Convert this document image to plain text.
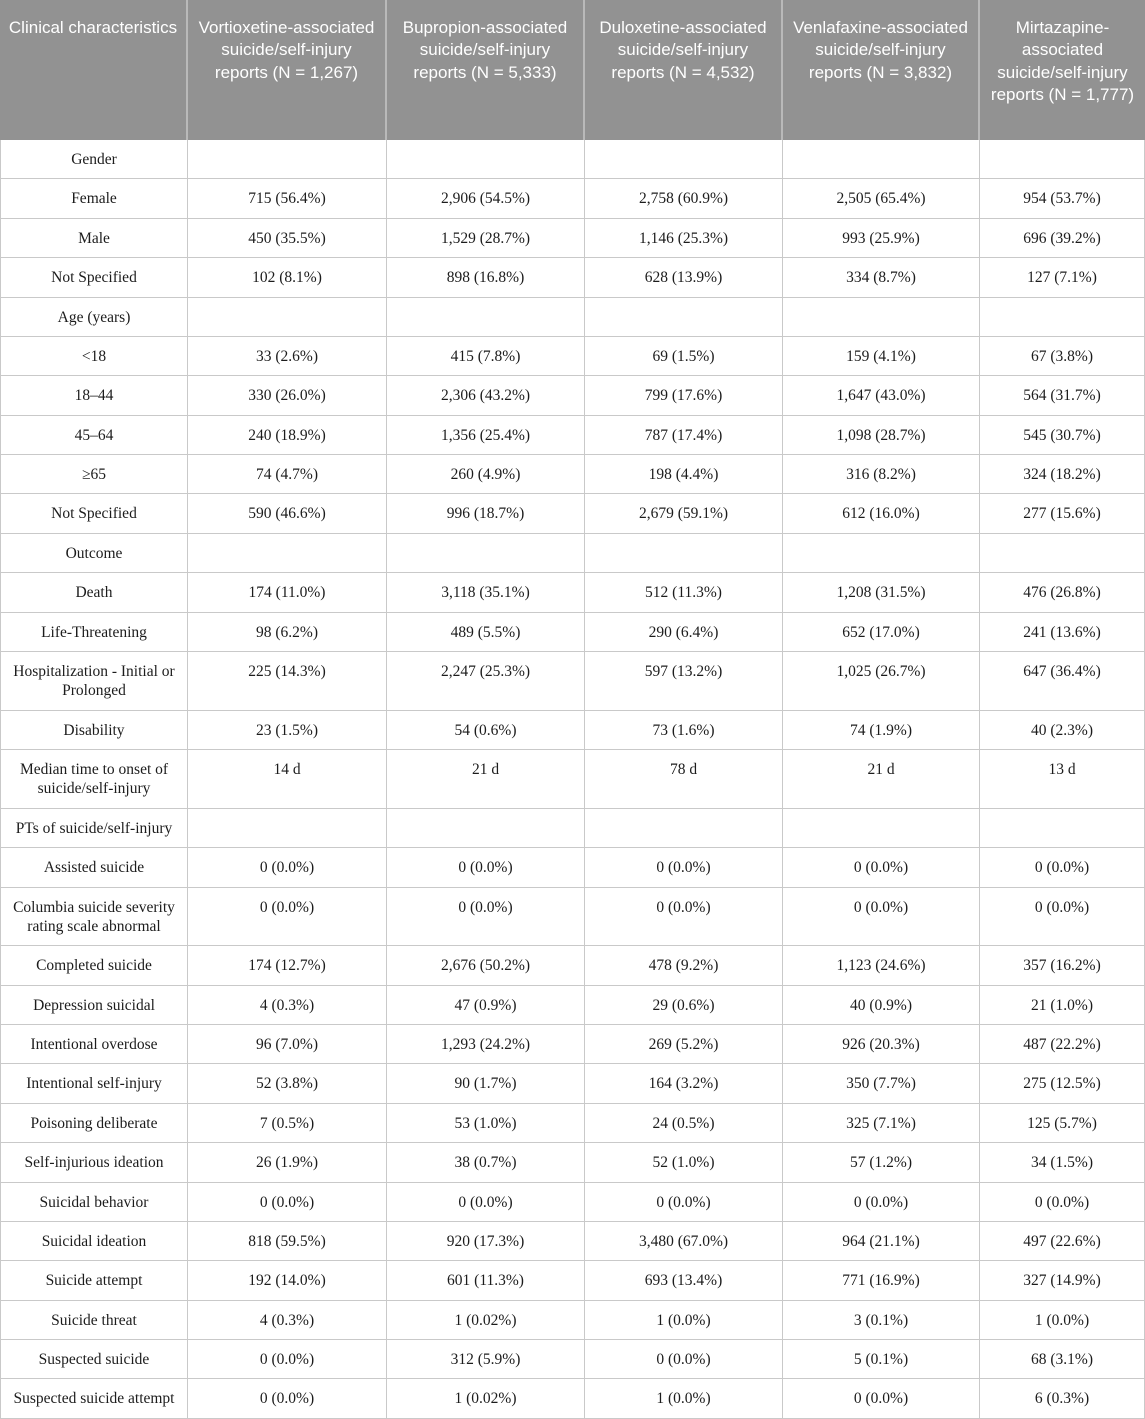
Clinical characteristics	Vortioxetine-associated suicide/self-injury reports (N = 1,267)	Bupropion-associated suicide/self-injury reports (N = 5,333)	Duloxetine-associated suicide/self-injury reports (N = 4,532)	Venlafaxine-associated suicide/self-injury reports (N = 3,832)	Mirtazapine-associated suicide/self-injury reports (N = 1,777)
Gender					
Female	715 (56.4%)	2,906 (54.5%)	2,758 (60.9%)	2,505 (65.4%)	954 (53.7%)
Male	450 (35.5%)	1,529 (28.7%)	1,146 (25.3%)	993 (25.9%)	696 (39.2%)
Not Specified	102 (8.1%)	898 (16.8%)	628 (13.9%)	334 (8.7%)	127 (7.1%)
Age (years)					
<18	33 (2.6%)	415 (7.8%)	69 (1.5%)	159 (4.1%)	67 (3.8%)
18–44	330 (26.0%)	2,306 (43.2%)	799 (17.6%)	1,647 (43.0%)	564 (31.7%)
45–64	240 (18.9%)	1,356 (25.4%)	787 (17.4%)	1,098 (28.7%)	545 (30.7%)
≥65	74 (4.7%)	260 (4.9%)	198 (4.4%)	316 (8.2%)	324 (18.2%)
Not Specified	590 (46.6%)	996 (18.7%)	2,679 (59.1%)	612 (16.0%)	277 (15.6%)
Outcome					
Death	174 (11.0%)	3,118 (35.1%)	512 (11.3%)	1,208 (31.5%)	476 (26.8%)
Life-Threatening	98 (6.2%)	489 (5.5%)	290 (6.4%)	652 (17.0%)	241 (13.6%)
Hospitalization - Initial or Prolonged	225 (14.3%)	2,247 (25.3%)	597 (13.2%)	1,025 (26.7%)	647 (36.4%)
Disability	23 (1.5%)	54 (0.6%)	73 (1.6%)	74 (1.9%)	40 (2.3%)
Median time to onset of suicide/self-injury	14 d	21 d	78 d	21 d	13 d
PTs of suicide/self-injury					
Assisted suicide	0 (0.0%)	0 (0.0%)	0 (0.0%)	0 (0.0%)	0 (0.0%)
Columbia suicide severity rating scale abnormal	0 (0.0%)	0 (0.0%)	0 (0.0%)	0 (0.0%)	0 (0.0%)
Completed suicide	174 (12.7%)	2,676 (50.2%)	478 (9.2%)	1,123 (24.6%)	357 (16.2%)
Depression suicidal	4 (0.3%)	47 (0.9%)	29 (0.6%)	40 (0.9%)	21 (1.0%)
Intentional overdose	96 (7.0%)	1,293 (24.2%)	269 (5.2%)	926 (20.3%)	487 (22.2%)
Intentional self-injury	52 (3.8%)	90 (1.7%)	164 (3.2%)	350 (7.7%)	275 (12.5%)
Poisoning deliberate	7 (0.5%)	53 (1.0%)	24 (0.5%)	325 (7.1%)	125 (5.7%)
Self-injurious ideation	26 (1.9%)	38 (0.7%)	52 (1.0%)	57 (1.2%)	34 (1.5%)
Suicidal behavior	0 (0.0%)	0 (0.0%)	0 (0.0%)	0 (0.0%)	0 (0.0%)
Suicidal ideation	818 (59.5%)	920 (17.3%)	3,480 (67.0%)	964 (21.1%)	497 (22.6%)
Suicide attempt	192 (14.0%)	601 (11.3%)	693 (13.4%)	771 (16.9%)	327 (14.9%)
Suicide threat	4 (0.3%)	1 (0.02%)	1 (0.0%)	3 (0.1%)	1 (0.0%)
Suspected suicide	0 (0.0%)	312 (5.9%)	0 (0.0%)	5 (0.1%)	68 (3.1%)
Suspected suicide attempt	0 (0.0%)	1 (0.02%)	1 (0.0%)	0 (0.0%)	6 (0.3%)
